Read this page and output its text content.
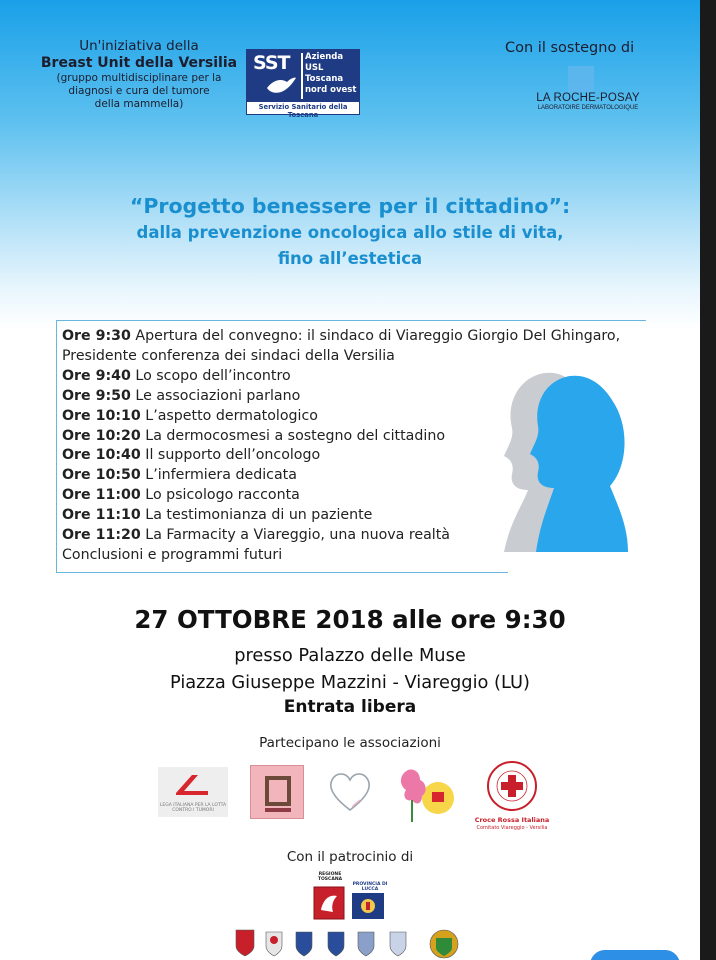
Un'iniziativa della
Breast Unit della Versilia
(gruppo multidisciplinare per la
diagnosi e cura del tumore
della mammella)
SST Azienda
USL
Toscana
nord ovest
Servizio Sanitario della Toscana
Con il sostegno di
LA ROCHE-POSAY
LABORATOIRE DERMATOLOGIQUE
“Progetto benessere per il cittadino”:
dalla prevenzione oncologica allo stile di vita,
fino all’estetica
Ore 9:30 Apertura del convegno: il sindaco di Viareggio Giorgio Del Ghingaro,
Presidente conferenza dei sindaci della Versilia
Ore 9:40 Lo scopo dell’incontro
Ore 9:50 Le associazioni parlano
Ore 10:10 L’aspetto dermatologico
Ore 10:20 La dermocosmesi a sostegno del cittadino
Ore 10:40 Il supporto dell’oncologo
Ore 10:50 L’infermiera dedicata
Ore 11:00 Lo psicologo racconta
Ore 11:10 La testimonianza di un paziente
Ore 11:20 La Farmacity a Viareggio, una nuova realtà
Conclusioni e programmi futuri
27 OTTOBRE 2018 alle ore 9:30
presso Palazzo delle Muse
Piazza Giuseppe Mazzini - Viareggio (LU)
Entrata libera
Partecipano le associazioni
LEGA ITALIANA PER LA LOTTA CONTRO I TUMORI
Croce Rossa Italiana
Comitato Viareggio - Versilia
Con il patrocinio di
REGIONE TOSCANA
PROVINCIA DI LUCCA
